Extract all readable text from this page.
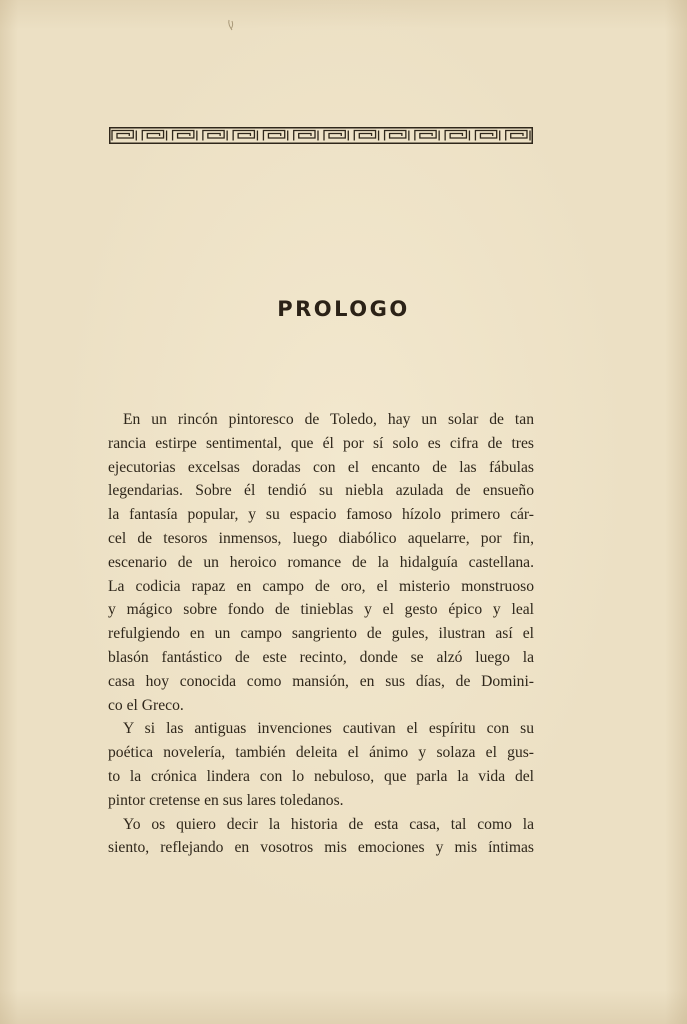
PROLOGO
En un rincón pintoresco de Toledo, hay un solar de tan
rancia estirpe sentimental, que él por sí solo es cifra de tres
ejecutorias excelsas doradas con el encanto de las fábulas
legendarias. Sobre él tendió su niebla azulada de ensueño
la fantasía popular, y su espacio famoso hízolo primero cár-
cel de tesoros inmensos, luego diabólico aquelarre, por fin,
escenario de un heroico romance de la hidalguía castellana.
La codicia rapaz en campo de oro, el misterio monstruoso
y mágico sobre fondo de tinieblas y el gesto épico y leal
refulgiendo en un campo sangriento de gules, ilustran así el
blasón fantástico de este recinto, donde se alzó luego la
casa hoy conocida como mansión, en sus días, de Domini-
co el Greco.
Y si las antiguas invenciones cautivan el espíritu con su
poética novelería, también deleita el ánimo y solaza el gus-
to la crónica lindera con lo nebuloso, que parla la vida del
pintor cretense en sus lares toledanos.
Yo os quiero decir la historia de esta casa, tal como la
siento, reflejando en vosotros mis emociones y mis íntimas
